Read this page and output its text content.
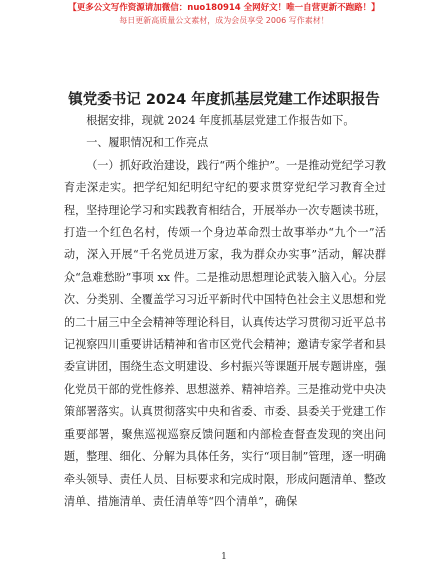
【更多公文写作资源请加微信：nuo180914 全网好文！唯一自营更新不跑路！】
每日更新高质量公文素材，成为会员享受 2006 写作素材！
镇党委书记 2024 年度抓基层党建工作述职报告

根据安排，现就 2024 年度抓基层党建工作报告如下。

一、履职情况和工作亮点

（一）抓好政治建设，践行“两个维护”。一是推动党纪学习教育走深走实。把学纪知纪明纪守纪的要求贯穿党纪学习教育全过程，坚持理论学习和实践教育相结合，开展举办一次专题读书班，打造一个红色名村，传颂一个身边革命烈士故事举办“九个一”活动，深入开展“千名党员进万家，我为群众办实事”活动，解决群众“急难愁盼”事项 xx 件。二是推动思想理论武装入脑入心。分层次、分类别、全覆盖学习习近平新时代中国特色社会主义思想和党的二十届三中全会精神等理论科目，认真传达学习贯彻习近平总书记视察四川重要讲话精神和省市区党代会精神；邀请专家学者和县委宣讲团，围绕生态文明建设、乡村振兴等课题开展专题讲座，强化党员干部的党性修养、思想滋养、精神培养。三是推动党中央决策部署落实。认真贯彻落实中央和省委、市委、县委关于党建工作重要部署，聚焦巡视巡察反馈问题和内部检查督查发现的突出问题，整理、细化、分解为具体任务，实行“项目制”管理，逐一明确牵头领导、责任人员、目标要求和完成时限，形成问题清单、整改清单、措施清单、责任清单等“四个清单”，确保

1
